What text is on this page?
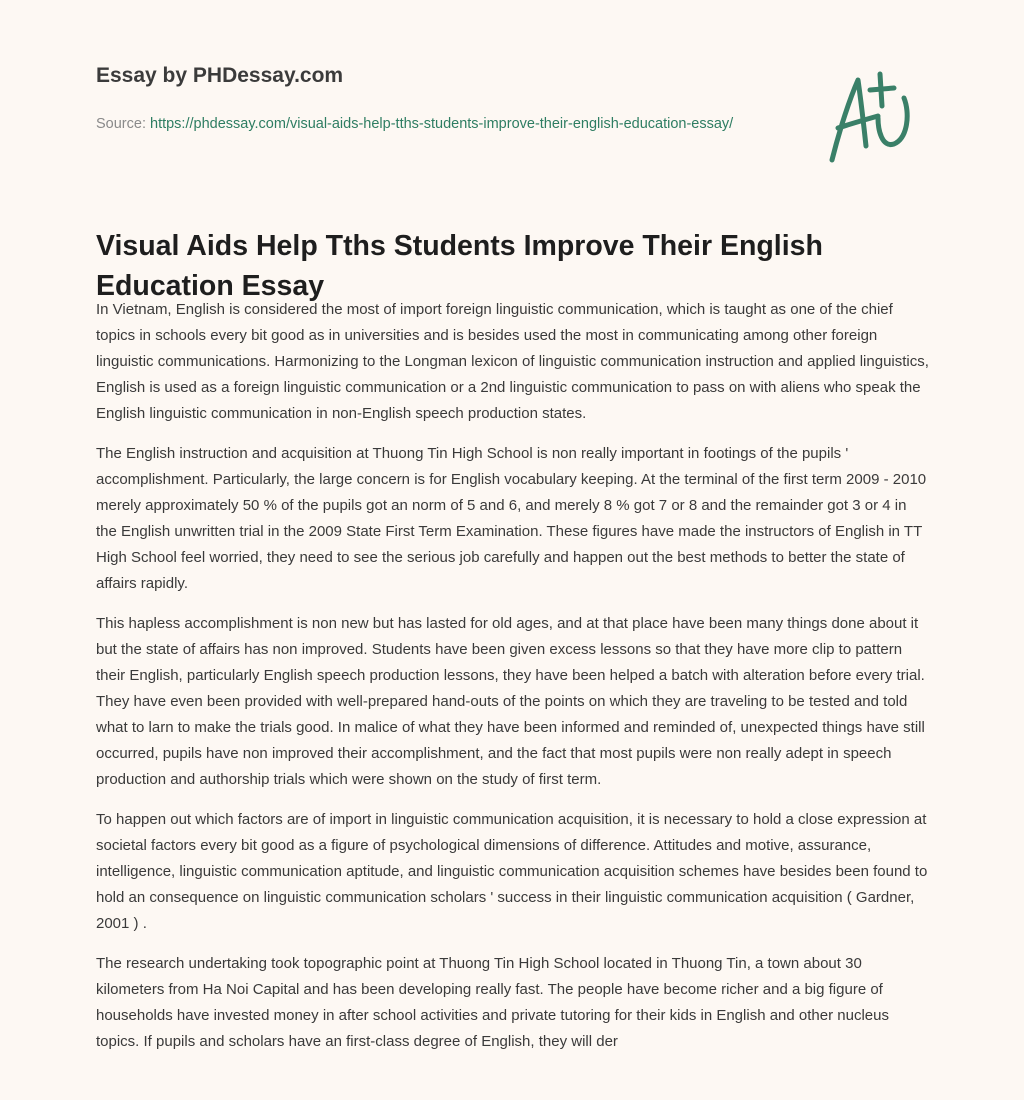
Essay by PHDessay.com
Source: https://phdessay.com/visual-aids-help-tths-students-improve-their-english-education-essay/
Visual Aids Help Tths Students Improve Their English Education Essay

In Vietnam, English is considered the most of import foreign linguistic communication, which is taught as one of the chief topics in schools every bit good as in universities and is besides used the most in communicating among other foreign linguistic communications. Harmonizing to the Longman lexicon of linguistic communication instruction and applied linguistics, English is used as a foreign linguistic communication or a 2nd linguistic communication to pass on with aliens who speak the English linguistic communication in non-English speech production states.

The English instruction and acquisition at Thuong Tin High School is non really important in footings of the pupils ' accomplishment. Particularly, the large concern is for English vocabulary keeping. At the terminal of the first term 2009 - 2010 merely approximately 50 % of the pupils got an norm of 5 and 6, and merely 8 % got 7 or 8 and the remainder got 3 or 4 in the English unwritten trial in the 2009 State First Term Examination. These figures have made the instructors of English in TT High School feel worried, they need to see the serious job carefully and happen out the best methods to better the state of affairs rapidly.

This hapless accomplishment is non new but has lasted for old ages, and at that place have been many things done about it but the state of affairs has non improved. Students have been given excess lessons so that they have more clip to pattern their English, particularly English speech production lessons, they have been helped a batch with alteration before every trial. They have even been provided with well-prepared hand-outs of the points on which they are traveling to be tested and told what to larn to make the trials good. In malice of what they have been informed and reminded of, unexpected things have still occurred, pupils have non improved their accomplishment, and the fact that most pupils were non really adept in speech production and authorship trials which were shown on the study of first term.

To happen out which factors are of import in linguistic communication acquisition, it is necessary to hold a close expression at societal factors every bit good as a figure of psychological dimensions of difference. Attitudes and motive, assurance, intelligence, linguistic communication aptitude, and linguistic communication acquisition schemes have besides been found to hold an consequence on linguistic communication scholars ' success in their linguistic communication acquisition ( Gardner, 2001 ) .

The research undertaking took topographic point at Thuong Tin High School located in Thuong Tin, a town about 30 kilometers from Ha Noi Capital and has been developing really fast. The people have become richer and a big figure of households have invested money in after school activities and private tutoring for their kids in English and other nucleus topics. If pupils and scholars have an first-class degree of English, they will der
